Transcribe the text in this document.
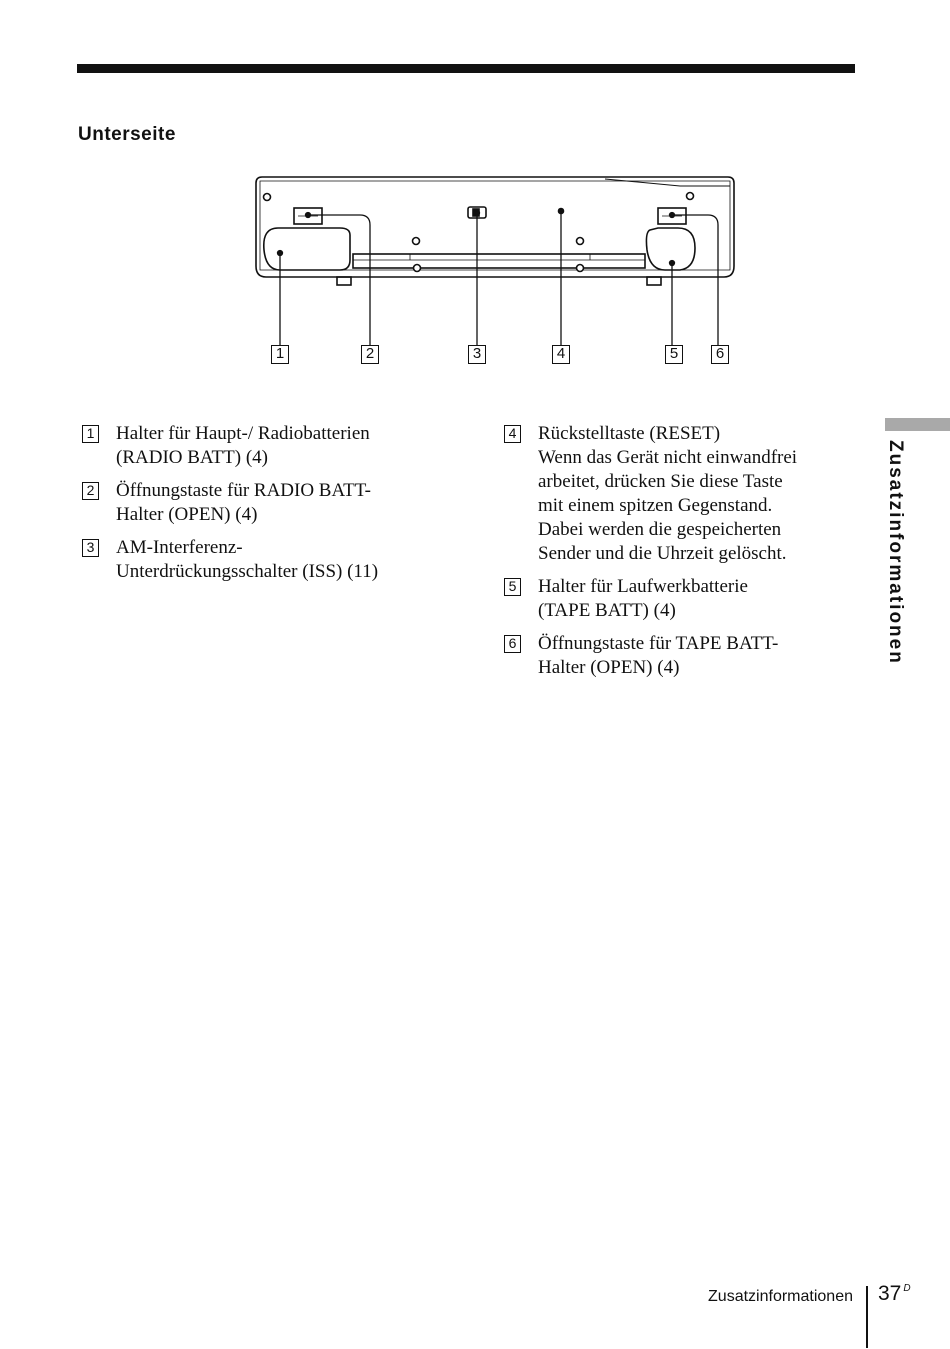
Unterseite
1	2	3	4	5	6
1 Halter für Haupt-/ Radiobatterien
(RADIO BATT) (4)
2 Öffnungstaste für RADIO BATT-
Halter (OPEN) (4)
3 AM-Interferenz-
Unterdrückungsschalter (ISS) (11)
4 Rückstelltaste (RESET)
Wenn das Gerät nicht einwandfrei
arbeitet, drücken Sie diese Taste
mit einem spitzen Gegenstand.
Dabei werden die gespeicherten
Sender und die Uhrzeit gelöscht.
5 Halter für Laufwerkbatterie
(TAPE BATT) (4)
6 Öffnungstaste für TAPE BATT-
Halter (OPEN) (4)
Zusatzinformationen
Zusatzinformationen 37 $^D$
